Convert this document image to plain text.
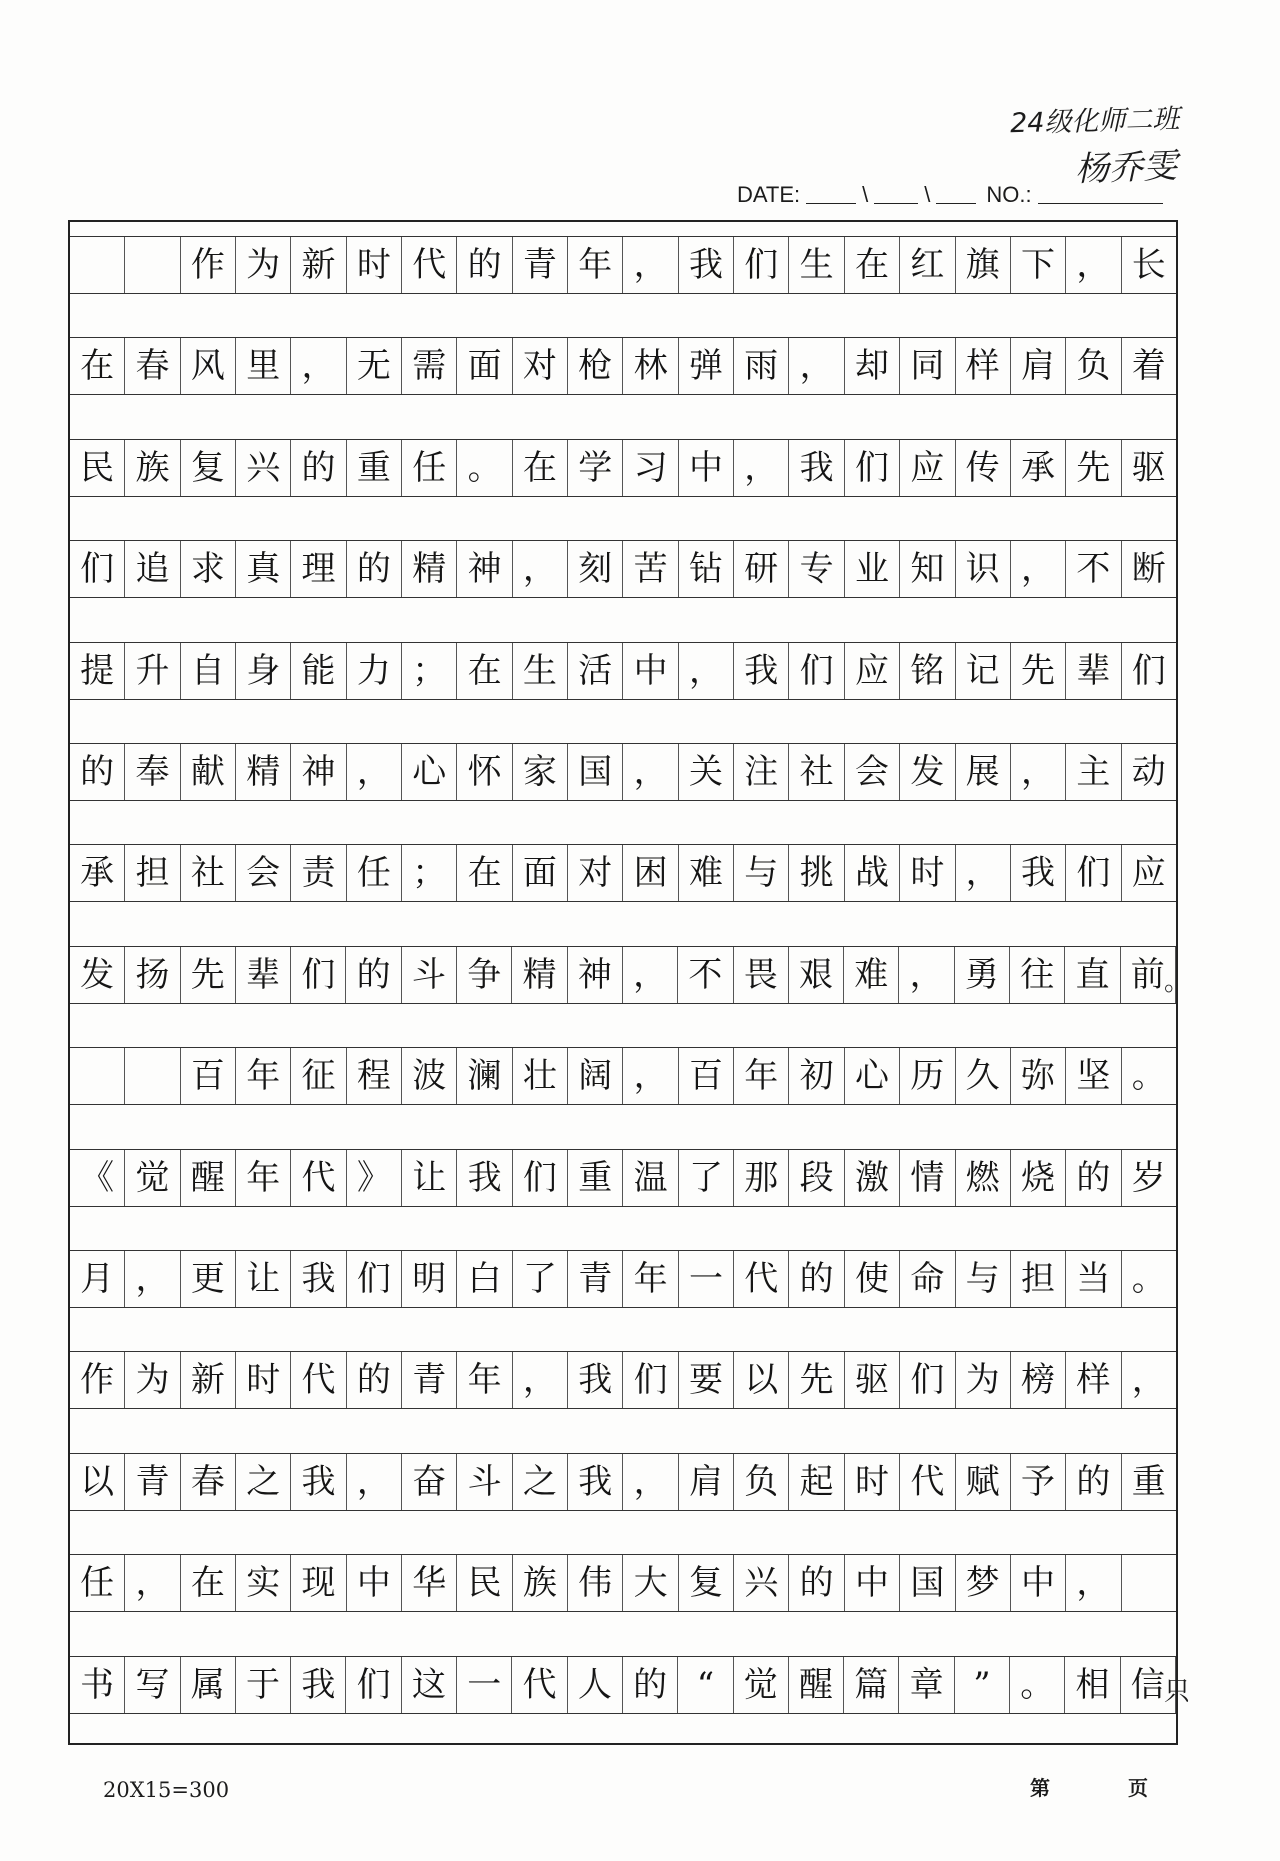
24级化师二班
杨乔雯
DATE:	\	\	NO.:
作 为 新 时 代 的 青 年 ， 我 们 生 在 红 旗 下 ， 长
在 春 风 里 ， 无 需 面 对 枪 林 弹 雨 ， 却 同 样 肩 负 着
民 族 复 兴 的 重 任 。 在 学 习 中 ， 我 们 应 传 承 先 驱
们 追 求 真 理 的 精 神 ， 刻 苦 钻 研 专 业 知 识 ， 不 断
提 升 自 身 能 力 ； 在 生 活 中 ， 我 们 应 铭 记 先 辈 们
的 奉 献 精 神 ， 心 怀 家 国 ， 关 注 社 会 发 展 ， 主 动
承 担 社 会 责 任 ； 在 面 对 困 难 与 挑 战 时 ， 我 们 应
发 扬 先 辈 们 的 斗 争 精 神 ， 不 畏 艰 难 ， 勇 往 直 前 。
百 年 征 程 波 澜 壮 阔 ， 百 年 初 心 历 久 弥 坚 。
《 觉 醒 年 代 》 让 我 们 重 温 了 那 段 激 情 燃 烧 的 岁
月 ， 更 让 我 们 明 白 了 青 年 一 代 的 使 命 与 担 当 。
作 为 新 时 代 的 青 年 ， 我 们 要 以 先 驱 们 为 榜 样 ，
以 青 春 之 我 ， 奋 斗 之 我 ， 肩 负 起 时 代 赋 予 的 重
任 ， 在 实 现 中 华 民 族 伟 大 复 兴 的 中 国 梦 中 ，
书 写 属 于 我 们 这 一 代 人 的 “ 觉 醒 篇 章 ” 。 相 信 只
20X15=300	第	页
